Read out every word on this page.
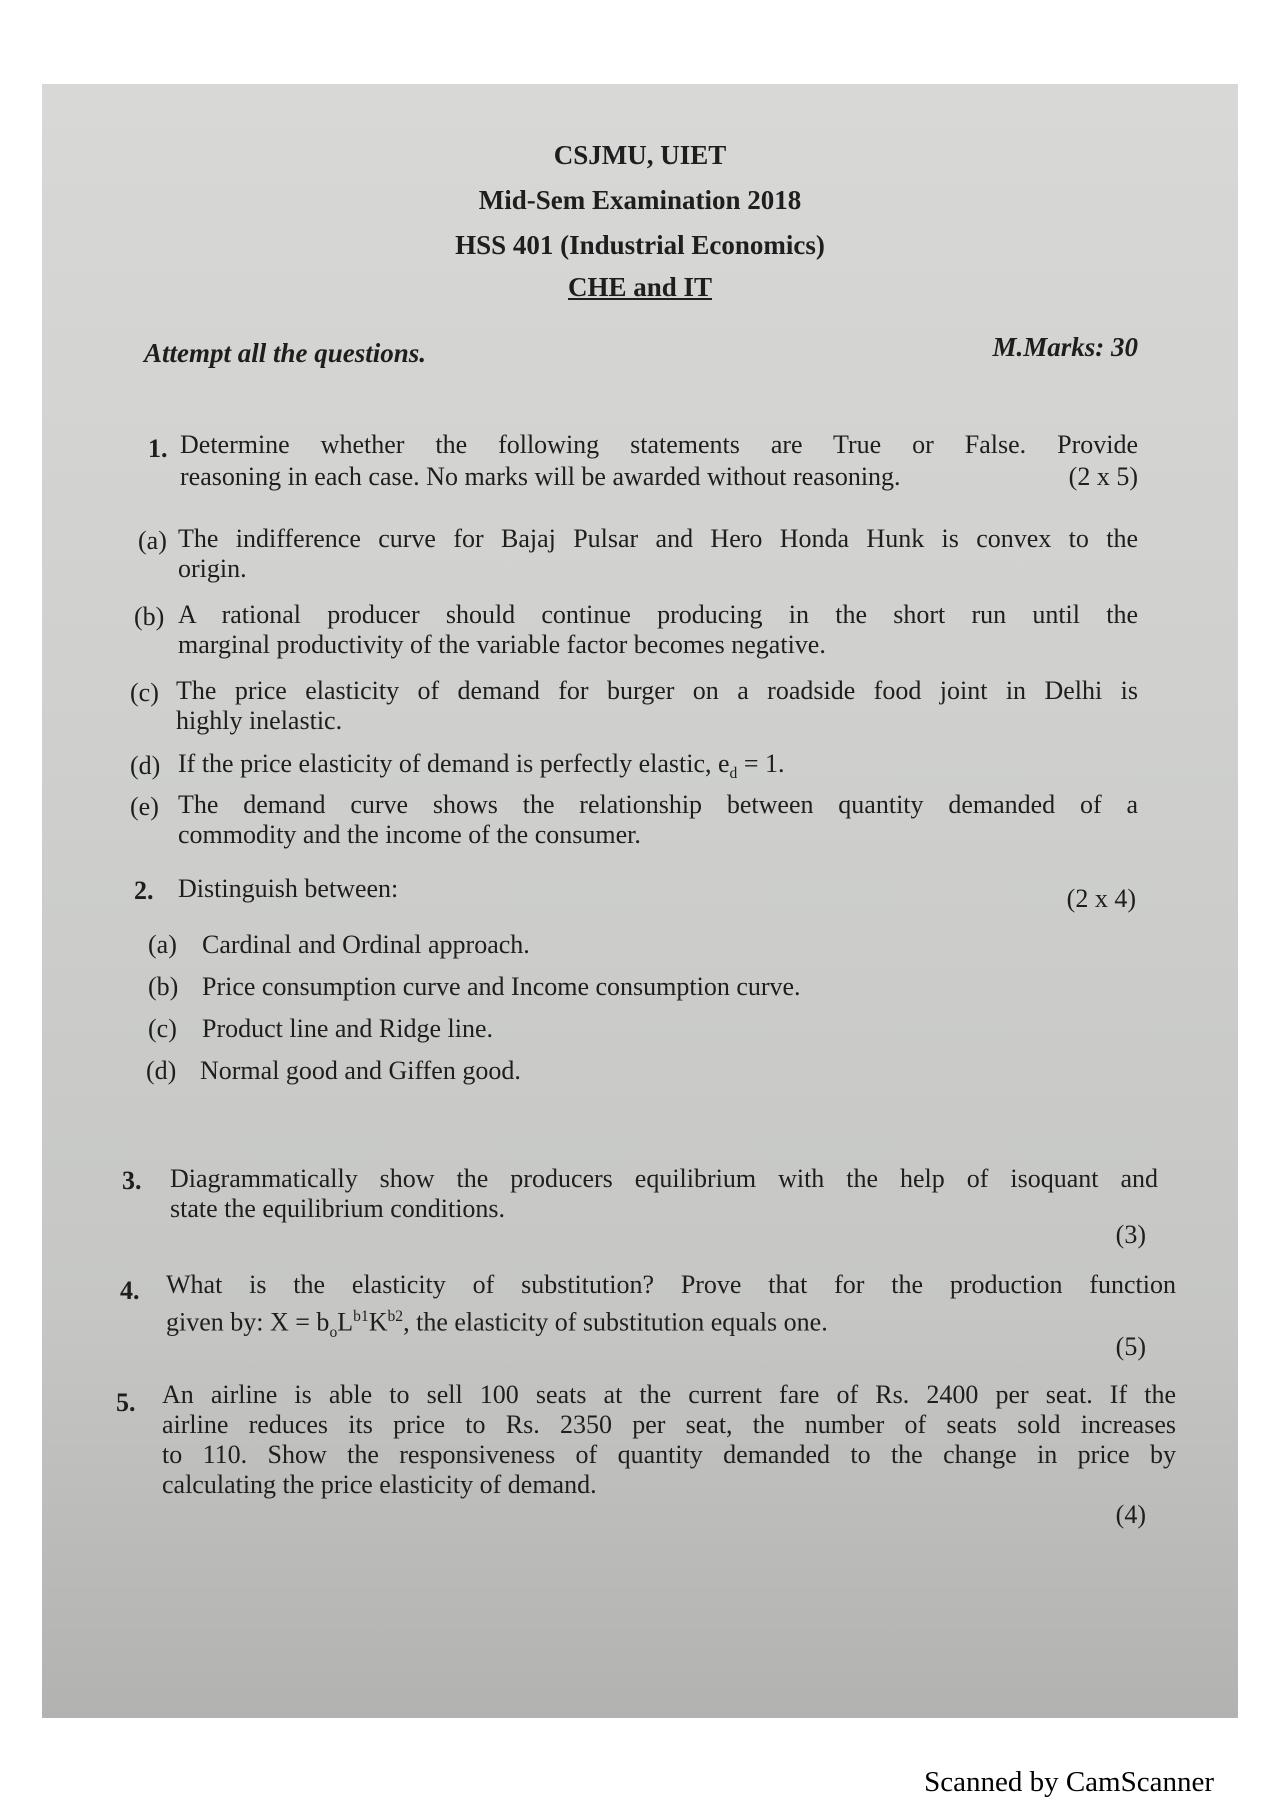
CSJMU, UIET
Mid-Sem Examination 2018
HSS 401 (Industrial Economics)
CHE and IT
Attempt all the questions.	M.Marks: 30
1. Determine whether the following statements are True or False. Provide
reasoning in each case. No marks will be awarded without reasoning.	(2 x 5)
(a) The indifference curve for Bajaj Pulsar and Hero Honda Hunk is convex to the
origin.
(b) A rational producer should continue producing in the short run until the
marginal productivity of the variable factor becomes negative.
(c) The price elasticity of demand for burger on a roadside food joint in Delhi is
highly inelastic.
(d) If the price elasticity of demand is perfectly elastic, $e_d = 1$.
(e) The demand curve shows the relationship between quantity demanded of a
commodity and the income of the consumer.
2. Distinguish between:	(2 x 4)
(a) Cardinal and Ordinal approach.
(b) Price consumption curve and Income consumption curve.
(c) Product line and Ridge line.
(d) Normal good and Giffen good.
3. Diagrammatically show the producers equilibrium with the help of isoquant and
state the equilibrium conditions.
(3)
4. What is the elasticity of substitution? Prove that for the production function
given by: $X = b_oL^{b1}K^{b2}$, the elasticity of substitution equals one.
(5)
5. An airline is able to sell 100 seats at the current fare of Rs. 2400 per seat. If the
airline reduces its price to Rs. 2350 per seat, the number of seats sold increases
to 110. Show the responsiveness of quantity demanded to the change in price by
calculating the price elasticity of demand.
(4)
Scanned by CamScanner
